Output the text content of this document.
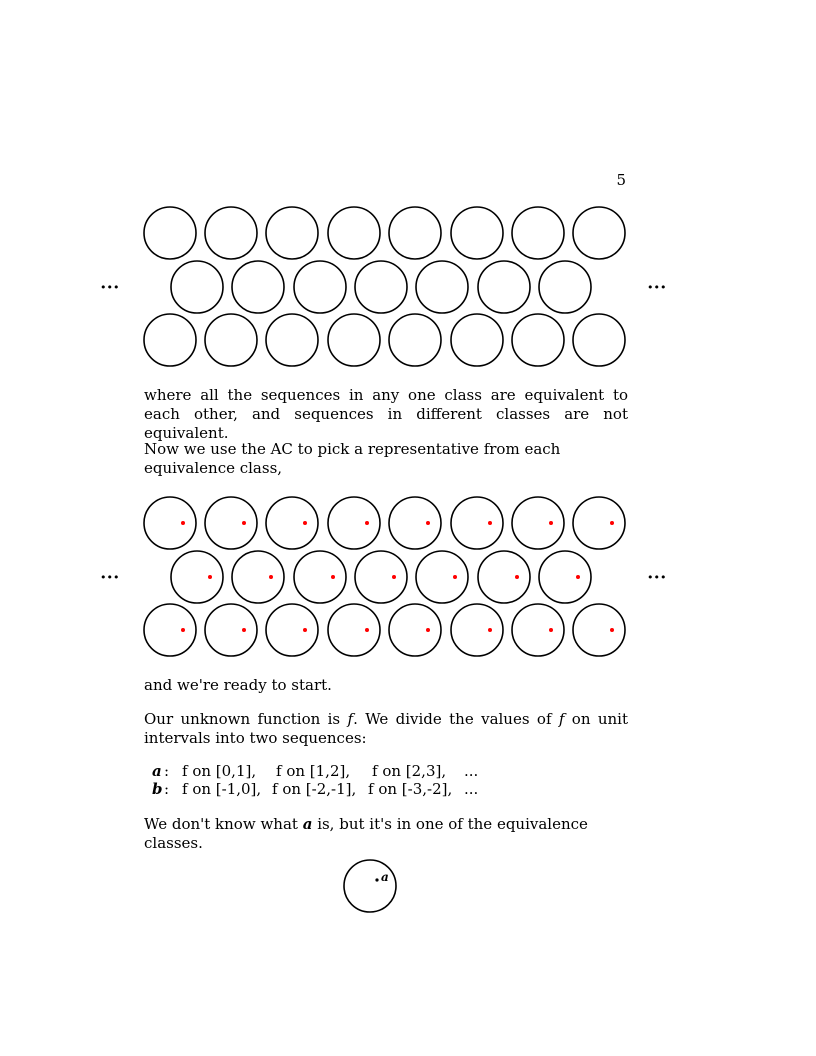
5
•••	•••
where all the sequences in any one class are equivalent to each other, and sequences in different classes are not equivalent.
Now we use the AC to pick a representative from each equivalence class,
•••	•••
and we're ready to start.
Our unknown function is f. We divide the values of f on unit intervals into two sequences:
a : f on [0,1],	f on [1,2],	f on [2,3],	...
b : f on [-1,0], f on [-2,-1], f on [-3,-2], ...
We don't know what a is, but it's in one of the equivalence classes.
a
